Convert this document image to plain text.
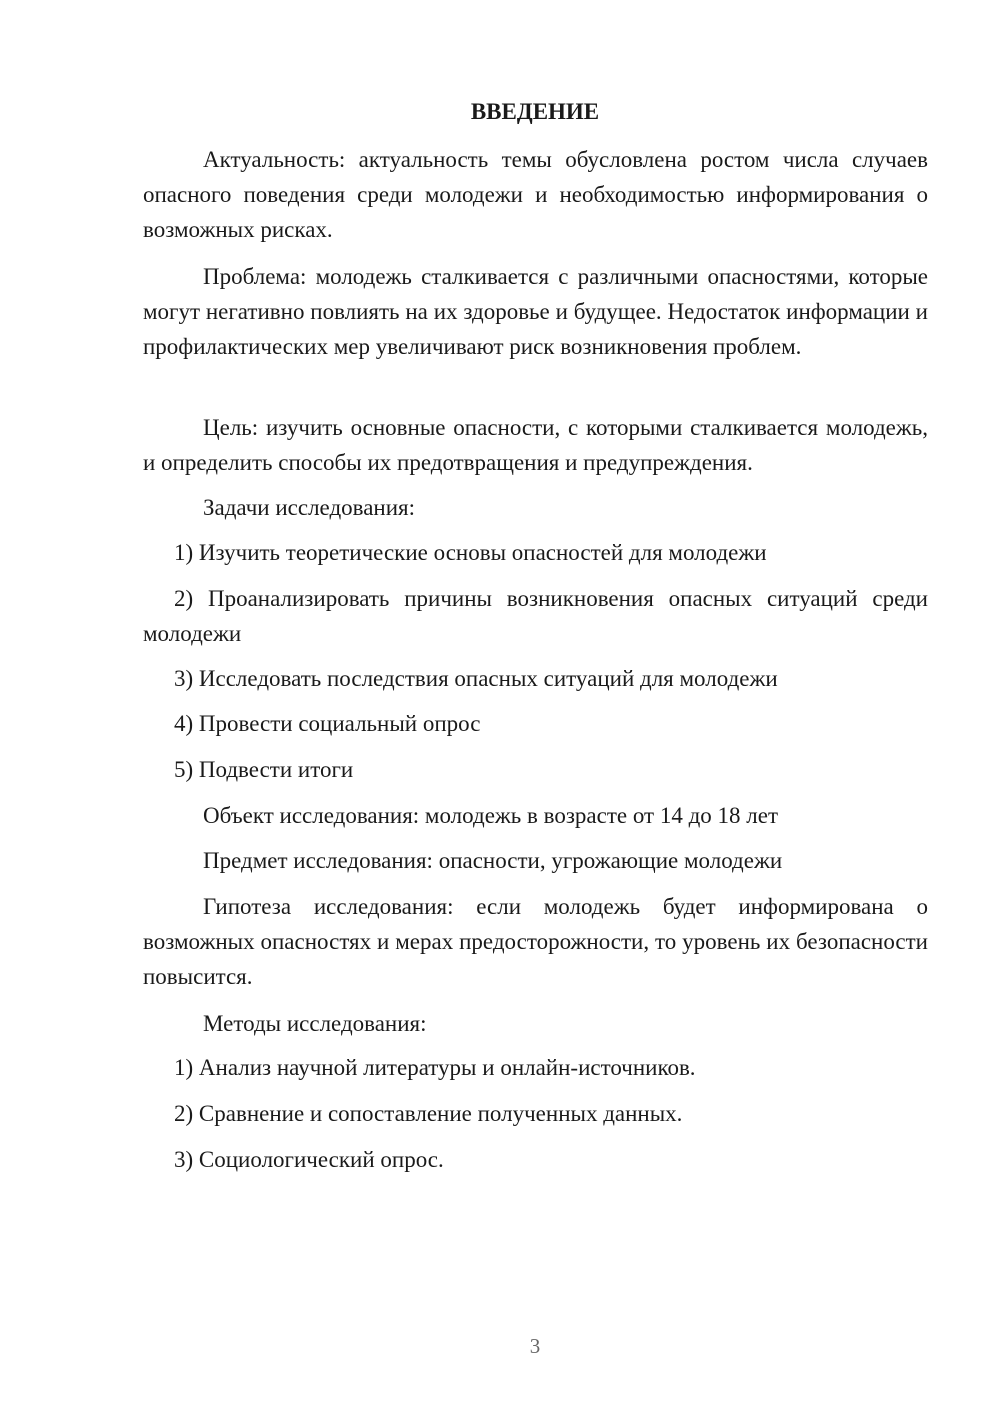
ВВЕДЕНИЕ

Актуальность: актуальность темы обусловлена ростом числа случаев опасного поведения среди молодежи и необходимостью информирования о возможных рисках.

Проблема: молодежь сталкивается с различными опасностями, которые могут негативно повлиять на их здоровье и будущее. Недостаток информации и профилактических мер увеличивают риск возникновения проблем.

Цель: изучить основные опасности, с которыми сталкивается молодежь, и определить способы их предотвращения и предупреждения.

Задачи исследования:

1) Изучить теоретические основы опасностей для молодежи

2) Проанализировать причины возникновения опасных ситуаций среди молодежи

3) Исследовать последствия опасных ситуаций для молодежи

4) Провести социальный опрос

5) Подвести итоги

Объект исследования: молодежь в возрасте от 14 до 18 лет

Предмет исследования: опасности, угрожающие молодежи

Гипотеза исследования: если молодежь будет информирована о возможных опасностях и мерах предосторожности, то уровень их безопасности повысится.

Методы исследования:

1) Анализ научной литературы и онлайн-источников.

2) Сравнение и сопоставление полученных данных.

3) Социологический опрос.

3
